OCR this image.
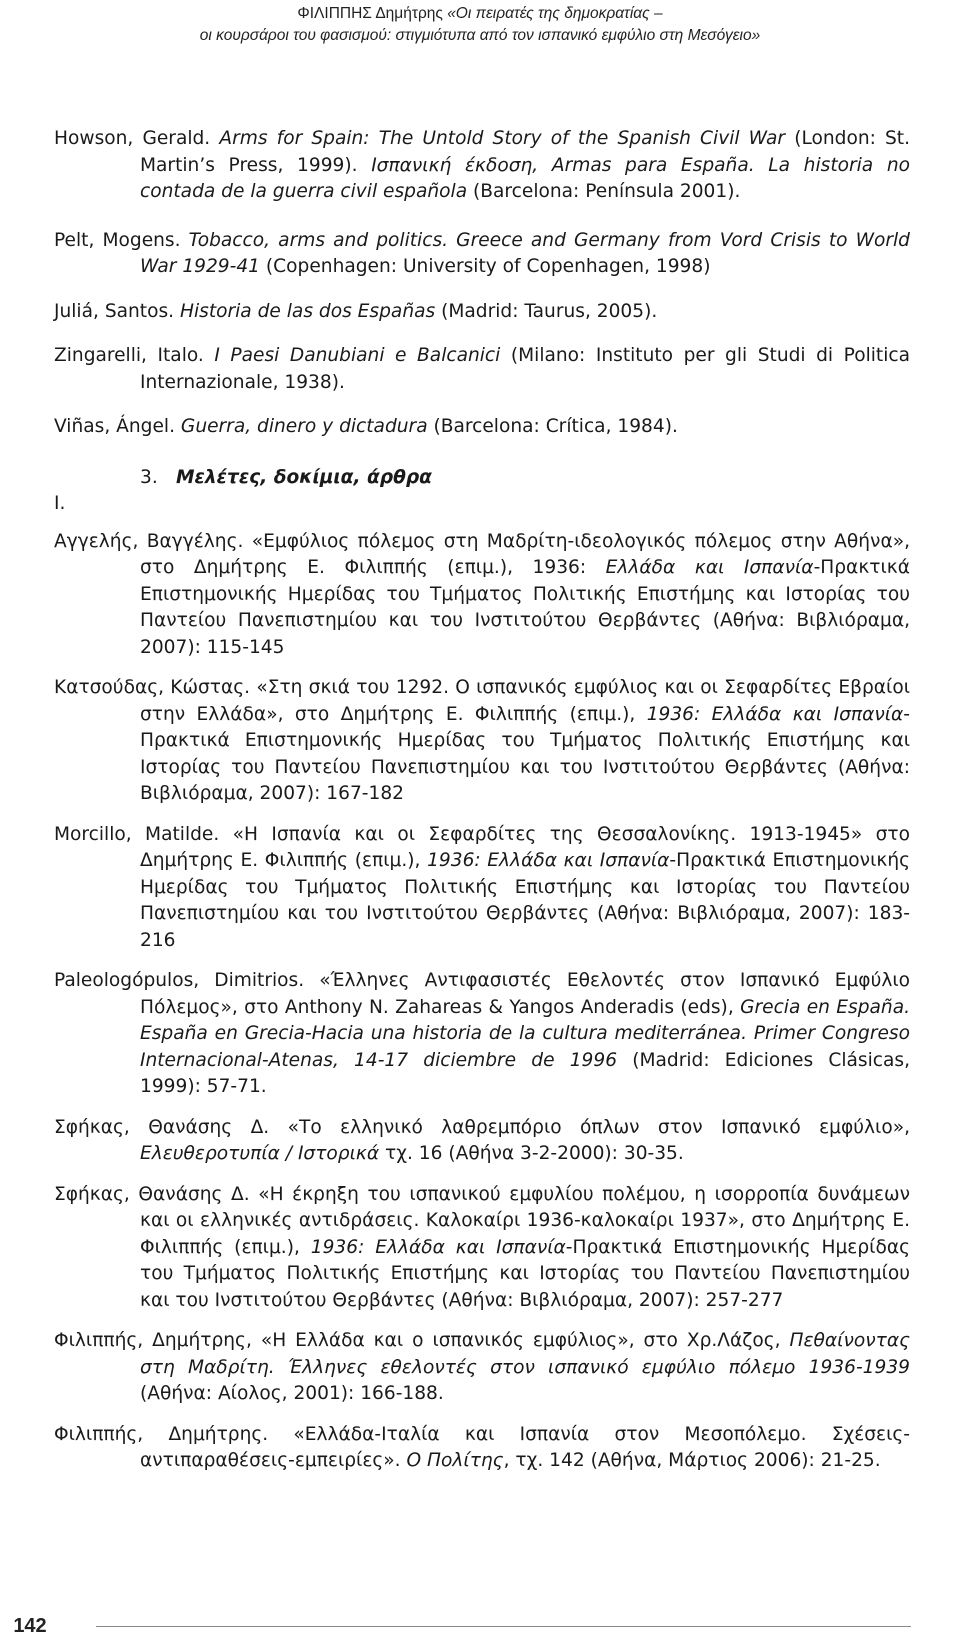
ΦΙΛΙΠΠΗΣ Δημήτρης «Οι πειρατές της δημοκρατίας –
οι κουρσάροι του φασισμού: στιγμιότυπα από τον ισπανικό εμφύλιο στη Μεσόγειο»

Howson, Gerald. Arms for Spain: The Untold Story of the Spanish Civil War (London: St. Martin’s Press, 1999). Ισπανική έκδοση, Armas para España. La historia no contada de la guerra civil española (Barcelona: Península 2001).

Pelt, Mogens. Tobacco, arms and politics. Greece and Germany from Vord Crisis to World War 1929-41 (Copenhagen: University of Copenhagen, 1998)

Juliá, Santos. Historia de las dos Españas (Madrid: Taurus, 2005).

Zingarelli, Italo. I Paesi Danubiani e Balcanici (Milano: Instituto per gli Studi di Politica Internazionale, 1938).

Viñas, Ángel. Guerra, dinero y dictadura (Barcelona: Crítica, 1984).

3. Μελέτες, δοκίμια, άρθρα
I.

Αγγελής, Βαγγέλης. «Εμφύλιος πόλεμος στη Μαδρίτη-ιδεολογικός πόλεμος στην Αθήνα», στο Δημήτρης Ε. Φιλιππής (επιμ.), 1936: Ελλάδα και Ισπανία-Πρακτικά Επιστημονικής Ημερίδας του Τμήματος Πολιτικής Επιστήμης και Ιστορίας του Παντείου Πανεπιστημίου και του Ινστιτούτου Θερβάντες (Αθήνα: Βιβλιόραμα, 2007): 115-145

Κατσούδας, Κώστας. «Στη σκιά του 1292. Ο ισπανικός εμφύλιος και οι Σεφαρδίτες Εβραίοι στην Ελλάδα», στο Δημήτρης Ε. Φιλιππής (επιμ.), 1936: Ελλάδα και Ισπανία-Πρακτικά Επιστημονικής Ημερίδας του Τμήματος Πολιτικής Επιστήμης και Ιστορίας του Παντείου Πανεπιστημίου και του Ινστιτούτου Θερβάντες (Αθήνα: Βιβλιόραμα, 2007): 167-182

Morcillo, Matilde. «Η Ισπανία και οι Σεφαρδίτες της Θεσσαλονίκης. 1913-1945» στο Δημήτρης Ε. Φιλιππής (επιμ.), 1936: Ελλάδα και Ισπανία-Πρακτικά Επιστημονικής Ημερίδας του Τμήματος Πολιτικής Επιστήμης και Ιστορίας του Παντείου Πανεπιστημίου και του Ινστιτούτου Θερβάντες (Αθήνα: Βιβλιόραμα, 2007): 183-216

Paleologópulos, Dimitrios. «Έλληνες Αντιφασιστές Εθελοντές στον Ισπανικό Εμφύλιο Πόλεμος», στο Anthony N. Zahareas & Yangos Anderadis (eds), Grecia en España. España en Grecia-Hacia una historia de la cultura mediterránea. Primer Congreso Internacional-Atenas, 14-17 diciembre de 1996 (Madrid: Ediciones Clásicas, 1999): 57-71.

Σφήκας, Θανάσης Δ. «Το ελληνικό λαθρεμπόριο όπλων στον Ισπανικό εμφύλιο», Ελευθεροτυπία / Ιστορικά τχ. 16 (Αθήνα 3-2-2000): 30-35.

Σφήκας, Θανάσης Δ. «Η έκρηξη του ισπανικού εμφυλίου πολέμου, η ισορροπία δυνάμεων και οι ελληνικές αντιδράσεις. Καλοκαίρι 1936-καλοκαίρι 1937», στο Δημήτρης Ε. Φιλιππής (επιμ.), 1936: Ελλάδα και Ισπανία-Πρακτικά Επιστημονικής Ημερίδας του Τμήματος Πολιτικής Επιστήμης και Ιστορίας του Παντείου Πανεπιστημίου και του Ινστιτούτου Θερβάντες (Αθήνα: Βιβλιόραμα, 2007): 257-277

Φιλιππής, Δημήτρης, «Η Ελλάδα και ο ισπανικός εμφύλιος», στο Χρ.Λάζος, Πεθαίνοντας στη Μαδρίτη. Έλληνες εθελοντές στον ισπανικό εμφύλιο πόλεμο 1936-1939 (Αθήνα: Αίολος, 2001): 166-188.

Φιλιππής, Δημήτρης. «Ελλάδα-Ιταλία και Ισπανία στον Μεσοπόλεμο. Σχέσεις-αντιπαραθέσεις-εμπειρίες». Ο Πολίτης, τχ. 142 (Αθήνα, Μάρτιος 2006): 21-25.

142
